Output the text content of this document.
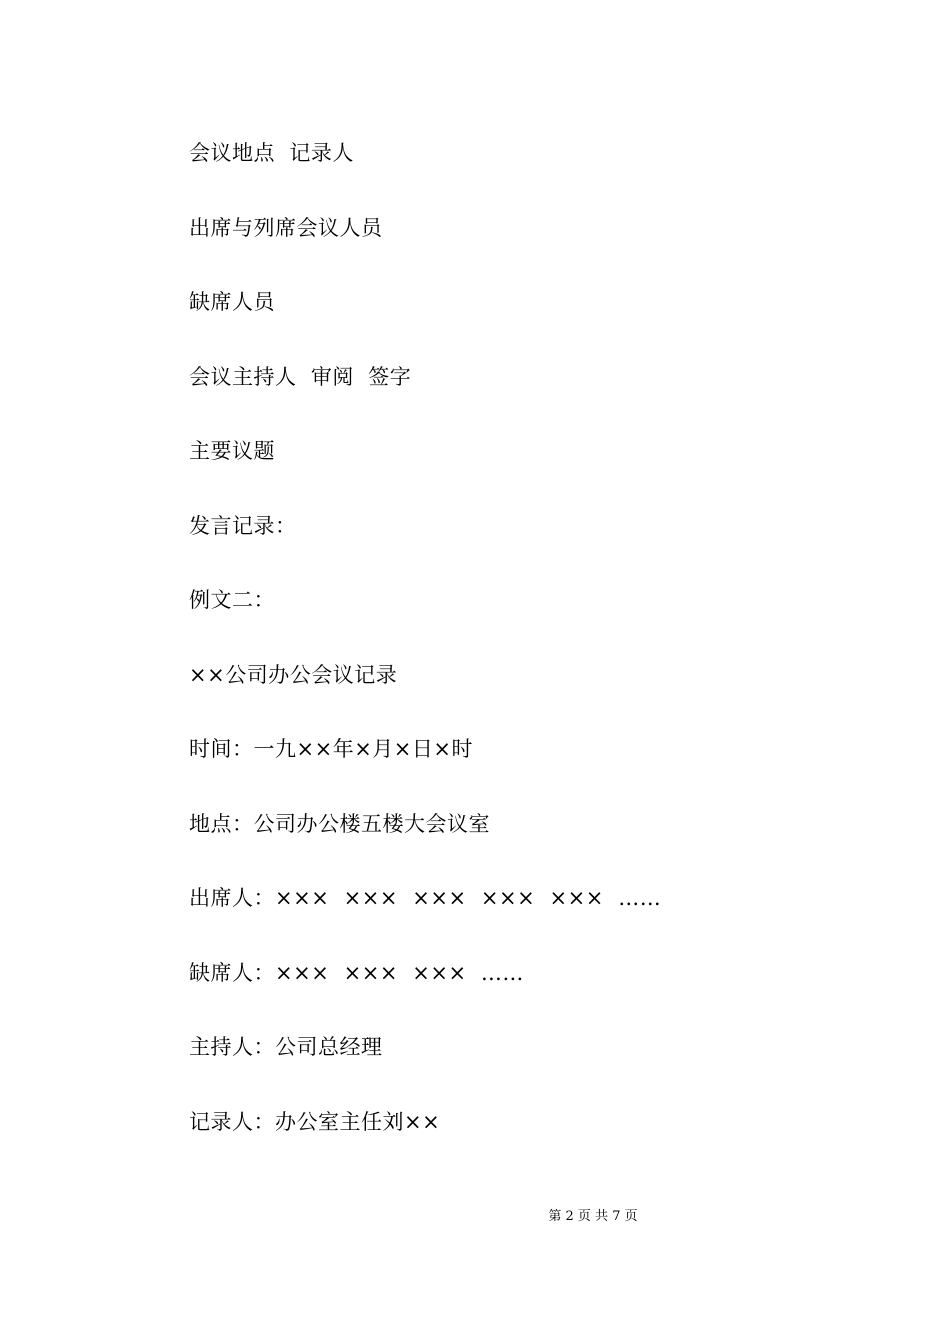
会议地点  记录人
出席与列席会议人员
缺席人员
会议主持人  审阅  签字
主要议题
发言记录：
例文二：
××公司办公会议记录
时间：一九××年×月×日×时
地点：公司办公楼五楼大会议室
出席人：×××  ×××  ×××  ×××  ×××  ……
缺席人：×××  ×××  ×××  ……
主持人：公司总经理
记录人：办公室主任刘××
第 2 页 共 7 页
